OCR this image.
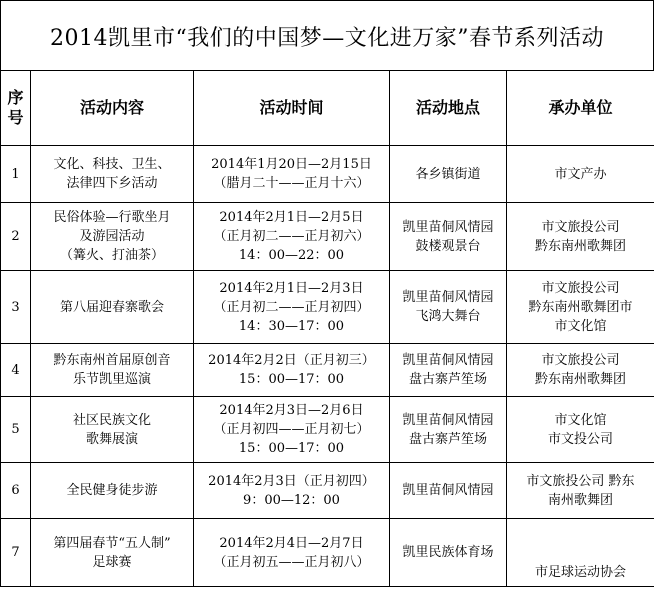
2014凯里市“我们的中国梦—文化进万家”春节系列活动
序
号	活动内容	活动时间	活动地点	承办单位
1	文化、科技、卫生、
法律四下乡活动	2014年1月20日—2月15日
（腊月二十——正月十六）	各乡镇街道	市文产办

2	民俗体验—行歌坐月
及游园活动
（篝火、打油茶）	2014年2月1日—2月5日
（正月初二——正月初六）
14：00—22：00	凯里苗侗风情园
鼓楼观景台	市文旅投公司
黔东南州歌舞团

3	第八届迎春寨歌会	2014年2月1日—2月3日
（正月初二——正月初四）
14：30—17：00	凯里苗侗风情园
飞鸿大舞台	市文旅投公司
黔东南州歌舞团市
市文化馆

4	黔东南州首届原创音
乐节凯里巡演	2014年2月2日（正月初三）
15：00—17：00	凯里苗侗风情园
盘古寨芦笙场	市文旅投公司
黔东南州歌舞团

5	社区民族文化
歌舞展演	2014年2月3日—2月6日
（正月初四——正月初七）
15：00—17：00	凯里苗侗风情园
盘古寨芦笙场	市文化馆
市文投公司

6	全民健身徒步游	2014年2月3日（正月初四）
9：00—12：00	凯里苗侗风情园	市文旅投公司 黔东
南州歌舞团

7	第四届春节“五人制”
足球赛	2014年2月4日—2月7日
（正月初五——正月初八）	凯里民族体育场	市足球运动协会
